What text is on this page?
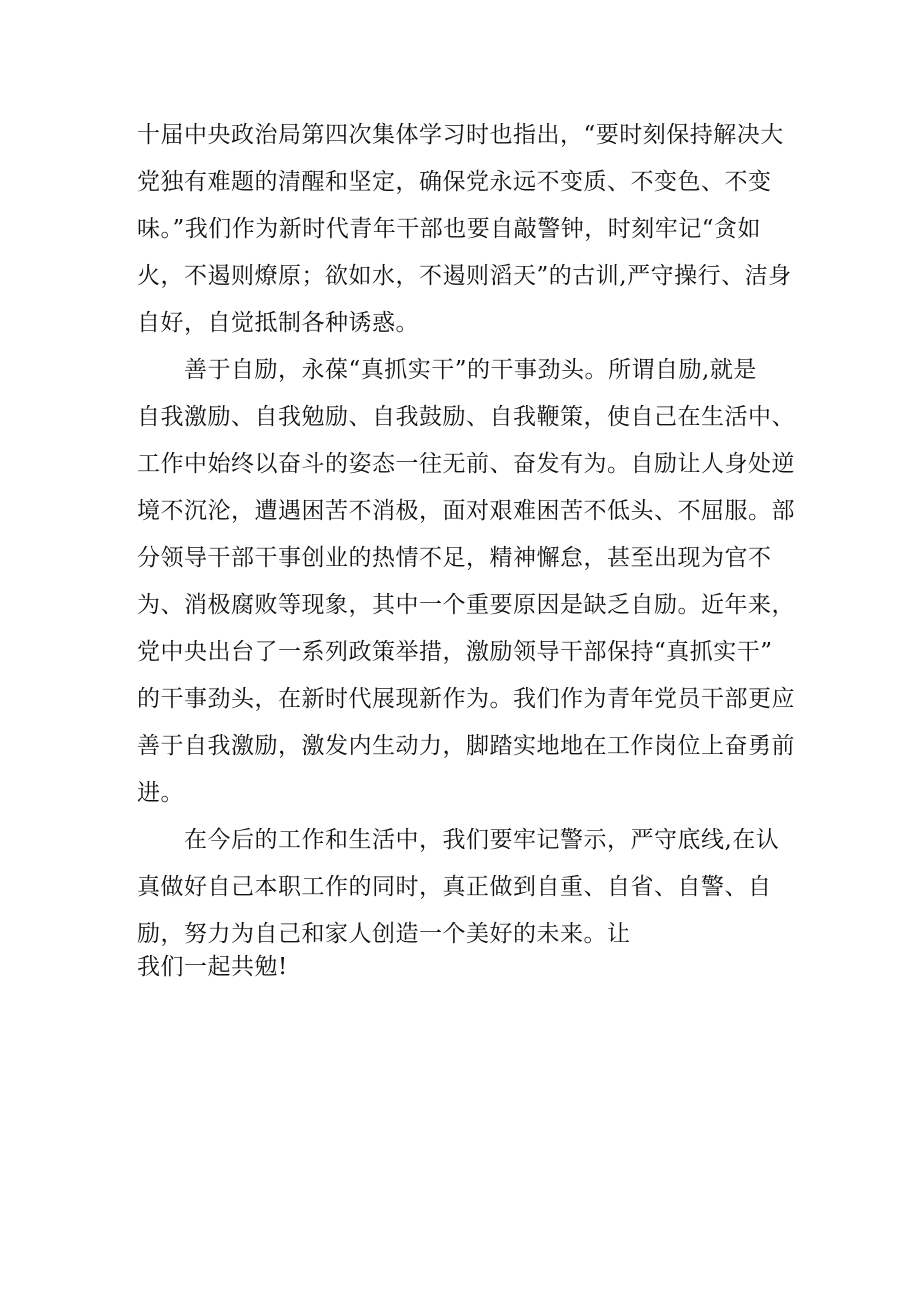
十届中央政治局第四次集体学习时也指出，“要时刻保持解决大
党独有难题的清醒和坚定，确保党永远不变质、不变色、不变
味。”我们作为新时代青年干部也要自敲警钟，时刻牢记“贪如
火，不遏则燎原；欲如水，不遏则滔天”的古训,严守操行、洁身
自好，自觉抵制各种诱惑。
　　善于自励，永葆“真抓实干”的干事劲头。所谓自励,就是
自我激励、自我勉励、自我鼓励、自我鞭策，使自己在生活中、
工作中始终以奋斗的姿态一往无前、奋发有为。自励让人身处逆
境不沉沦，遭遇困苦不消极，面对艰难困苦不低头、不屈服。部
分领导干部干事创业的热情不足，精神懈怠，甚至出现为官不
为、消极腐败等现象，其中一个重要原因是缺乏自励。近年来，
党中央出台了一系列政策举措，激励领导干部保持“真抓实干”
的干事劲头，在新时代展现新作为。我们作为青年党员干部更应
善于自我激励，激发内生动力，脚踏实地地在工作岗位上奋勇前
进。
　　在今后的工作和生活中，我们要牢记警示，严守底线,在认
真做好自己本职工作的同时，真正做到自重、自省、自警、自
励，努力为自己和家人创造一个美好的未来。让
我们一起共勉!
